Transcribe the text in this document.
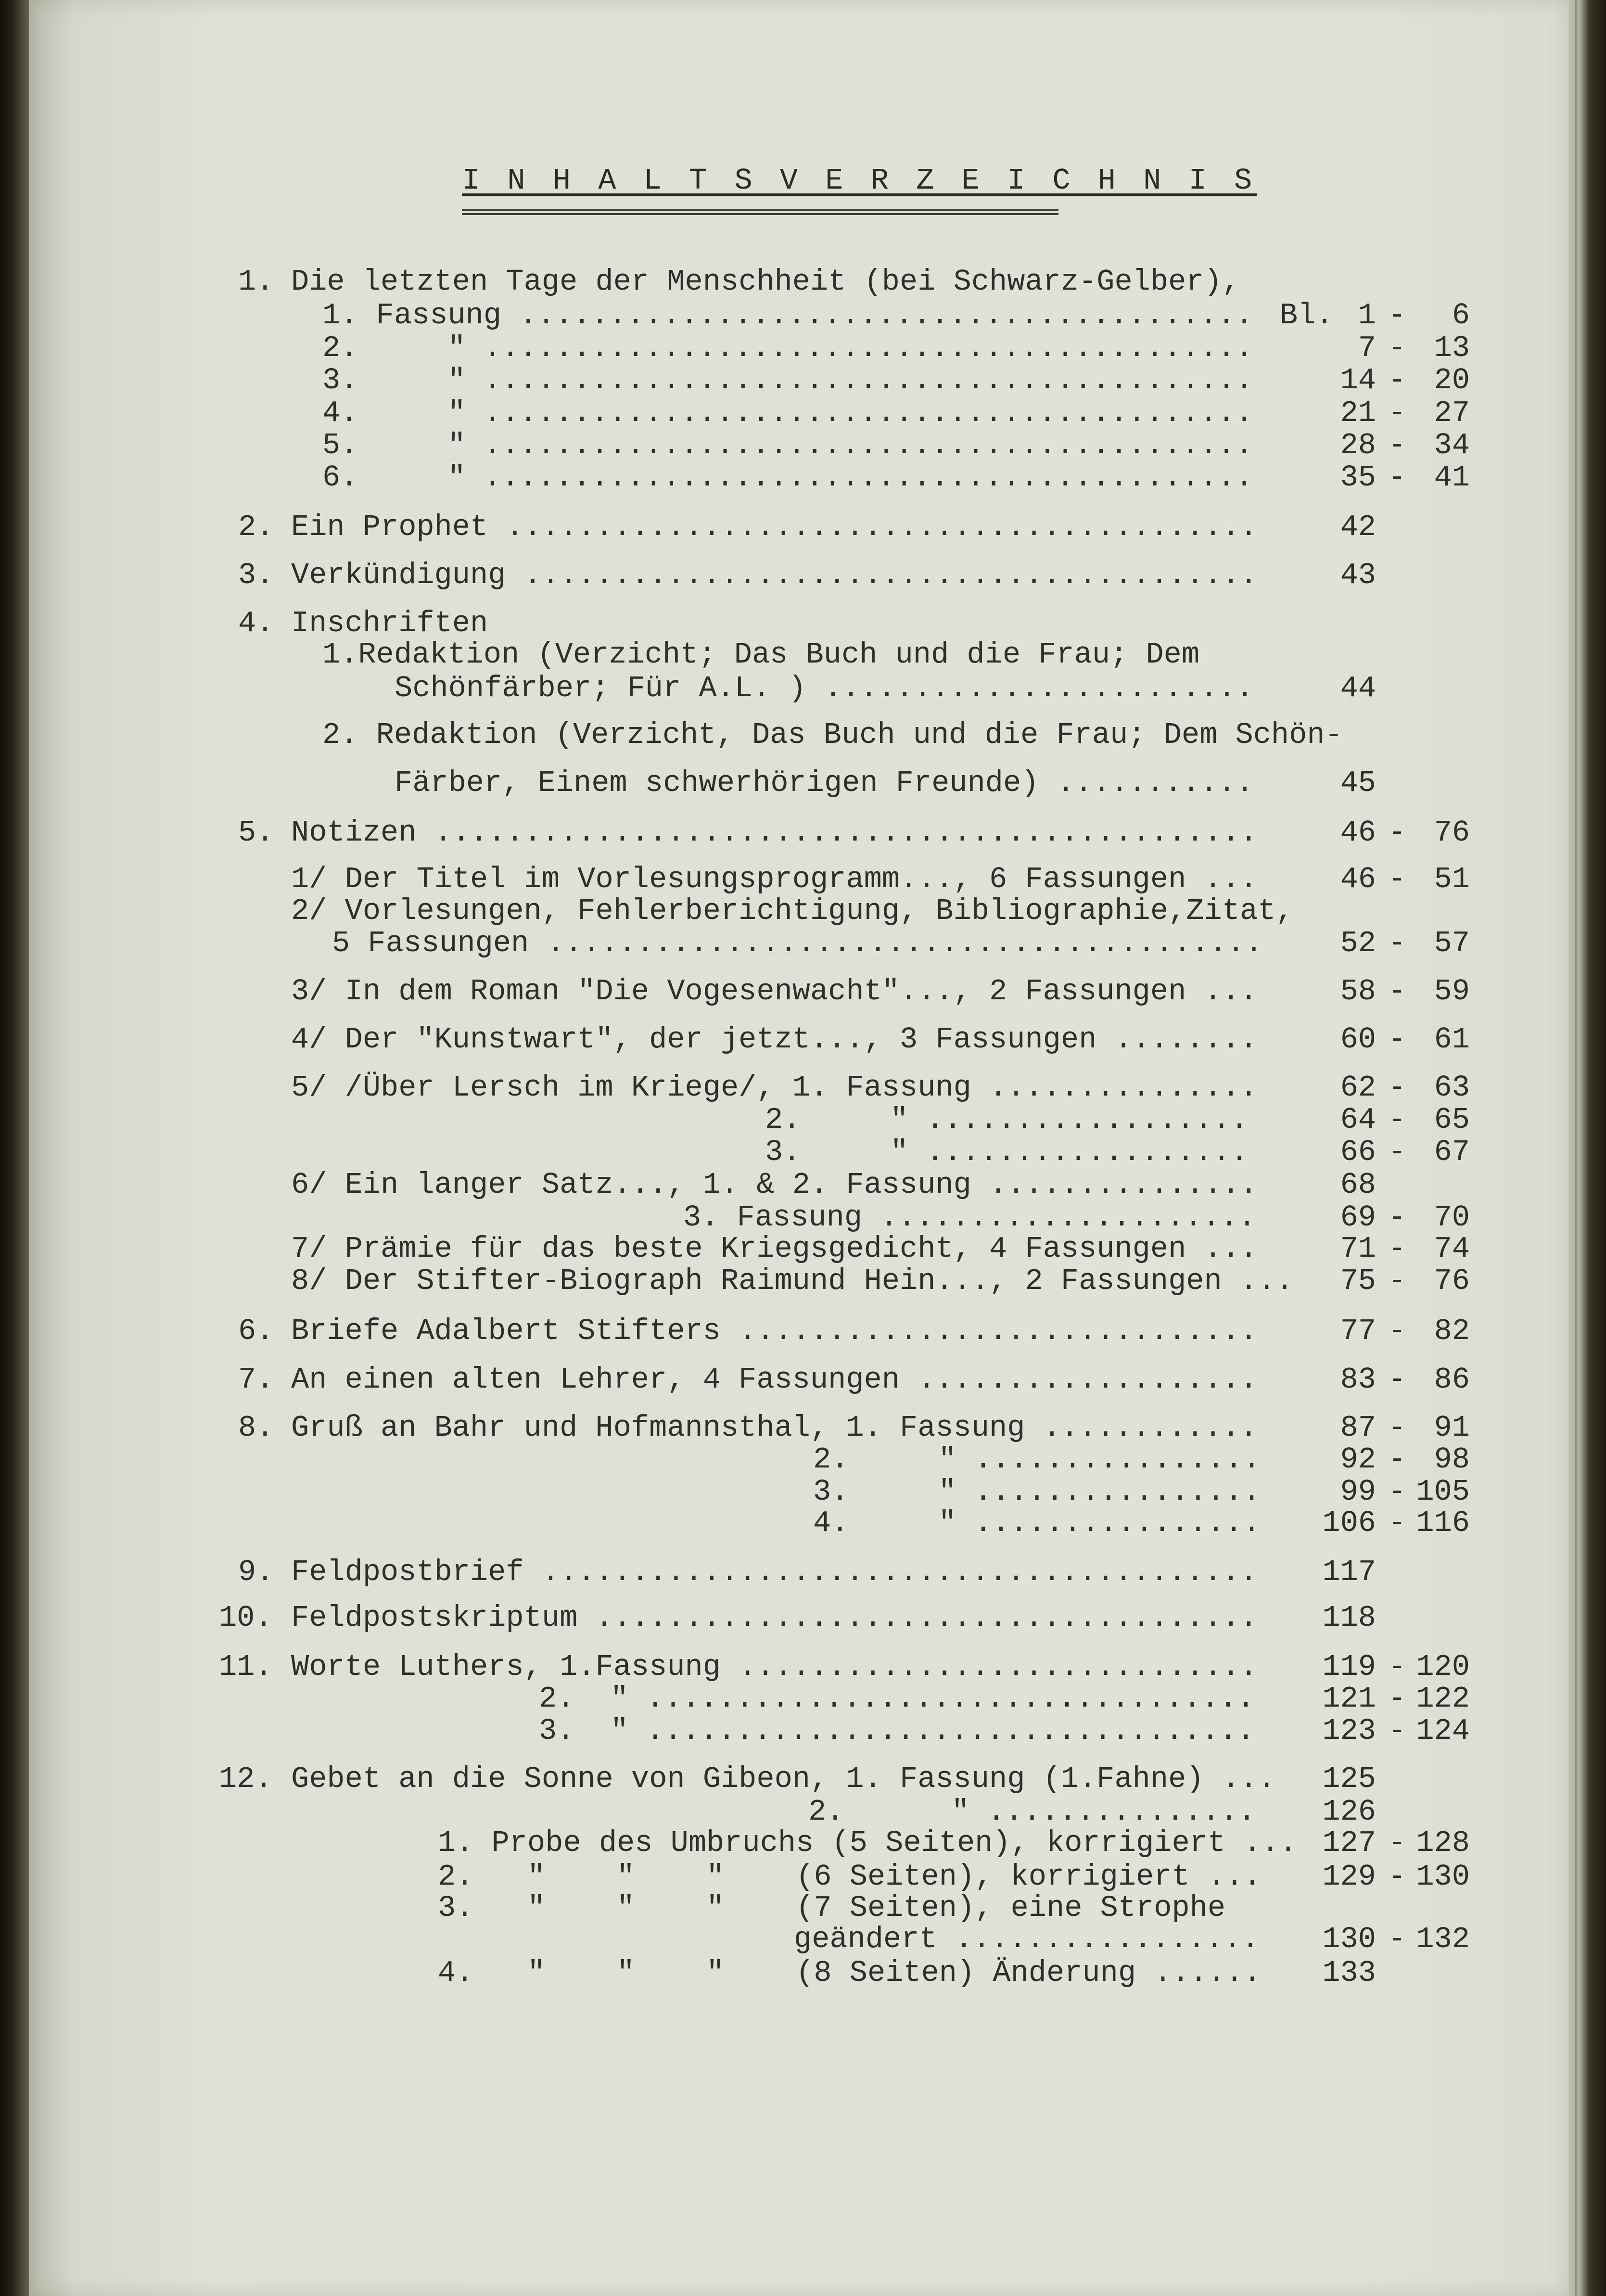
I N H A L T S V E R Z E I C H N I S
1. Die letzten Tage der Menschheit (bei Schwarz-Gelber),
1. Fassung ......................................... Bl. 1 - 6
2.     " ...........................................	7 - 13
3.     " ...........................................	14 - 20
4.     " ...........................................	21 - 27
5.     " ...........................................	28 - 34
6.     " ...........................................	35 - 41
2. Ein Prophet ..........................................	42
3. Verkündigung .........................................	43
4. Inschriften
1.Redaktion (Verzicht; Das Buch und die Frau; Dem
Schönfärber; Für A.L. ) ........................	44
2. Redaktion (Verzicht, Das Buch und die Frau; Dem Schön-
Färber, Einem schwerhörigen Freunde) ...........	45
5. Notizen ..............................................	46 - 76
1/ Der Titel im Vorlesungsprogramm..., 6 Fassungen ...	46 - 51
2/ Vorlesungen, Fehlerberichtigung, Bibliographie,Zitat,
5 Fassungen ........................................	52 - 57
3/ In dem Roman "Die Vogesenwacht"..., 2 Fassungen ...	58 - 59
4/ Der "Kunstwart", der jetzt..., 3 Fassungen ........	60 - 61
5/ /Über Lersch im Kriege/, 1. Fassung ...............	62 - 63
2.     " ..................	64 - 65
3.     " ..................	66 - 67
6/ Ein langer Satz..., 1. & 2. Fassung ...............	68
3. Fassung .....................	69 - 70
7/ Prämie für das beste Kriegsgedicht, 4 Fassungen ...	71 - 74
8/ Der Stifter-Biograph Raimund Hein..., 2 Fassungen ... 75 - 76
6. Briefe Adalbert Stifters .............................	77 - 82
7. An einen alten Lehrer, 4 Fassungen ...................	83 - 86
8. Gruß an Bahr und Hofmannsthal, 1. Fassung ............	87 - 91
2.     " ................	92 - 98
3.     " ................	99 - 105
4.     " ................ 106 - 116
9. Feldpostbrief ........................................ 117
10. Feldpostskriptum ..................................... 118
11. Worte Luthers, 1.Fassung ............................. 119 - 120
2.  " .................................. 121 - 122
3.  " .................................. 123 - 124
12. Gebet an die Sonne von Gibeon, 1. Fassung (1.Fahne) ... 125
2.      " ............... 126
1. Probe des Umbruchs (5 Seiten), korrigiert ... 127 - 128
2.   "    "    "    (6 Seiten), korrigiert ... 129 - 130
3.   "    "    "    (7 Seiten), eine Strophe
geändert ................. 130 - 132
4.   "    "    "    (8 Seiten) Änderung ...... 133
